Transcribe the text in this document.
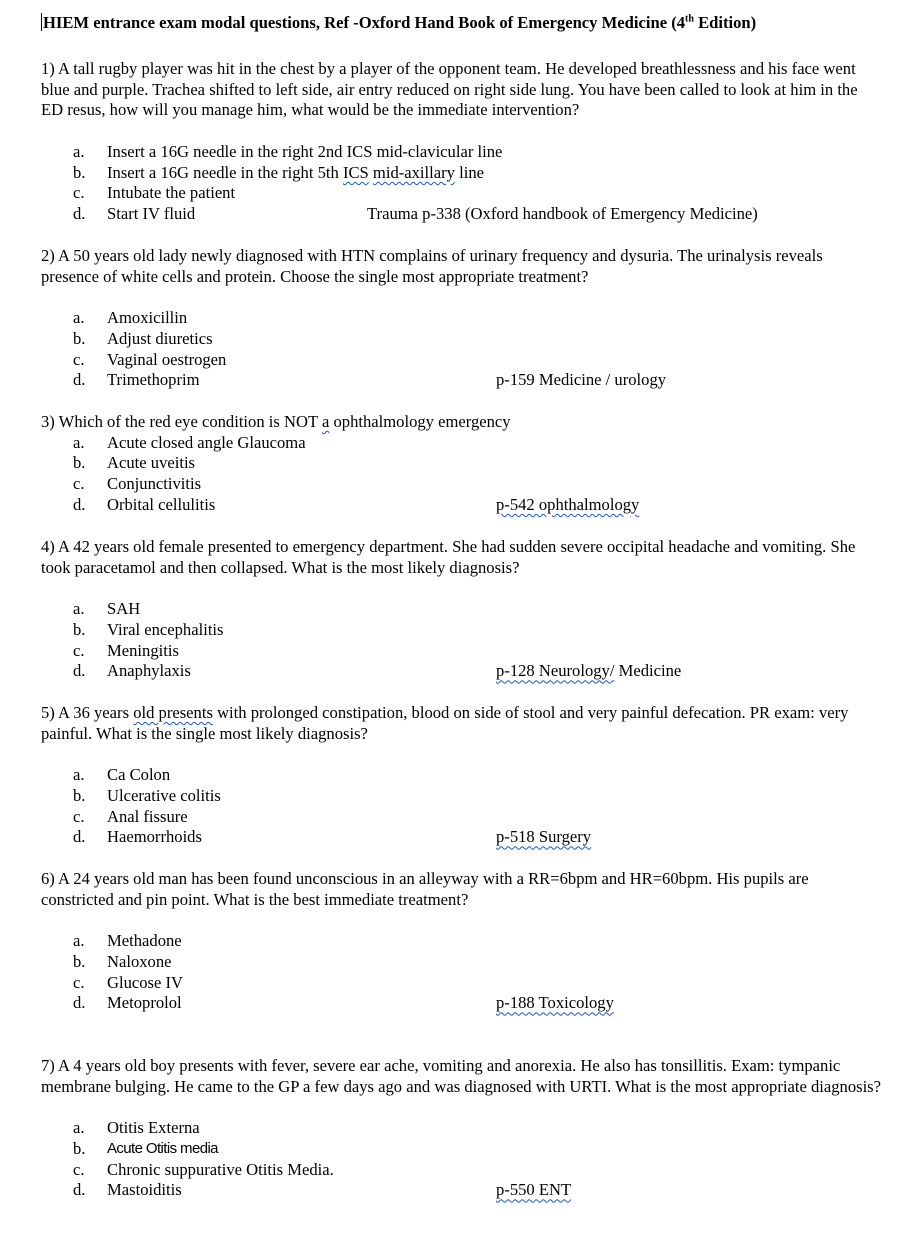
HIEM entrance exam modal questions, Ref -Oxford Hand Book of Emergency Medicine (4th Edition)

1) A tall rugby player was hit in the chest by a player of the opponent team. He developed breathlessness and his face went blue and purple. Trachea shifted to left side, air entry reduced on right side lung. You have been called to look at him in the ED resus, how will you manage him, what would be the immediate intervention?

a. Insert a 16G needle in the right 2nd ICS mid-clavicular line
b. Insert a 16G needle in the right 5th ICS mid-axillary line
c. Intubate the patient
d. Start IV fluid	Trauma p-338 (Oxford handbook of Emergency Medicine)

2) A 50 years old lady newly diagnosed with HTN complains of urinary frequency and dysuria. The urinalysis reveals presence of white cells and protein. Choose the single most appropriate treatment?

a. Amoxicillin
b. Adjust diuretics
c. Vaginal oestrogen
d. Trimethoprim	p-159 Medicine / urology

3) Which of the red eye condition is NOT a ophthalmology emergency

a. Acute closed angle Glaucoma
b. Acute uveitis
c. Conjunctivitis
d. Orbital cellulitis	p-542 ophthalmology

4) A 42 years old female presented to emergency department. She had sudden severe occipital headache and vomiting. She took paracetamol and then collapsed. What is the most likely diagnosis?

a. SAH
b. Viral encephalitis
c. Meningitis
d. Anaphylaxis	p-128 Neurology/ Medicine

5) A 36 years old presents with prolonged constipation, blood on side of stool and very painful defecation. PR exam: very painful. What is the single most likely diagnosis?

a. Ca Colon
b. Ulcerative colitis
c. Anal fissure
d. Haemorrhoids	p-518 Surgery

6) A 24 years old man has been found unconscious in an alleyway with a RR=6bpm and HR=60bpm. His pupils are constricted and pin point. What is the best immediate treatment?

a. Methadone
b. Naloxone
c. Glucose IV
d. Metoprolol	p-188 Toxicology

7) A 4 years old boy presents with fever, severe ear ache, vomiting and anorexia. He also has tonsillitis. Exam: tympanic membrane bulging. He came to the GP a few days ago and was diagnosed with URTI. What is the most appropriate diagnosis?

a. Otitis Externa
b. Acute Otitis media
c. Chronic suppurative Otitis Media.
d. Mastoiditis	p-550 ENT
